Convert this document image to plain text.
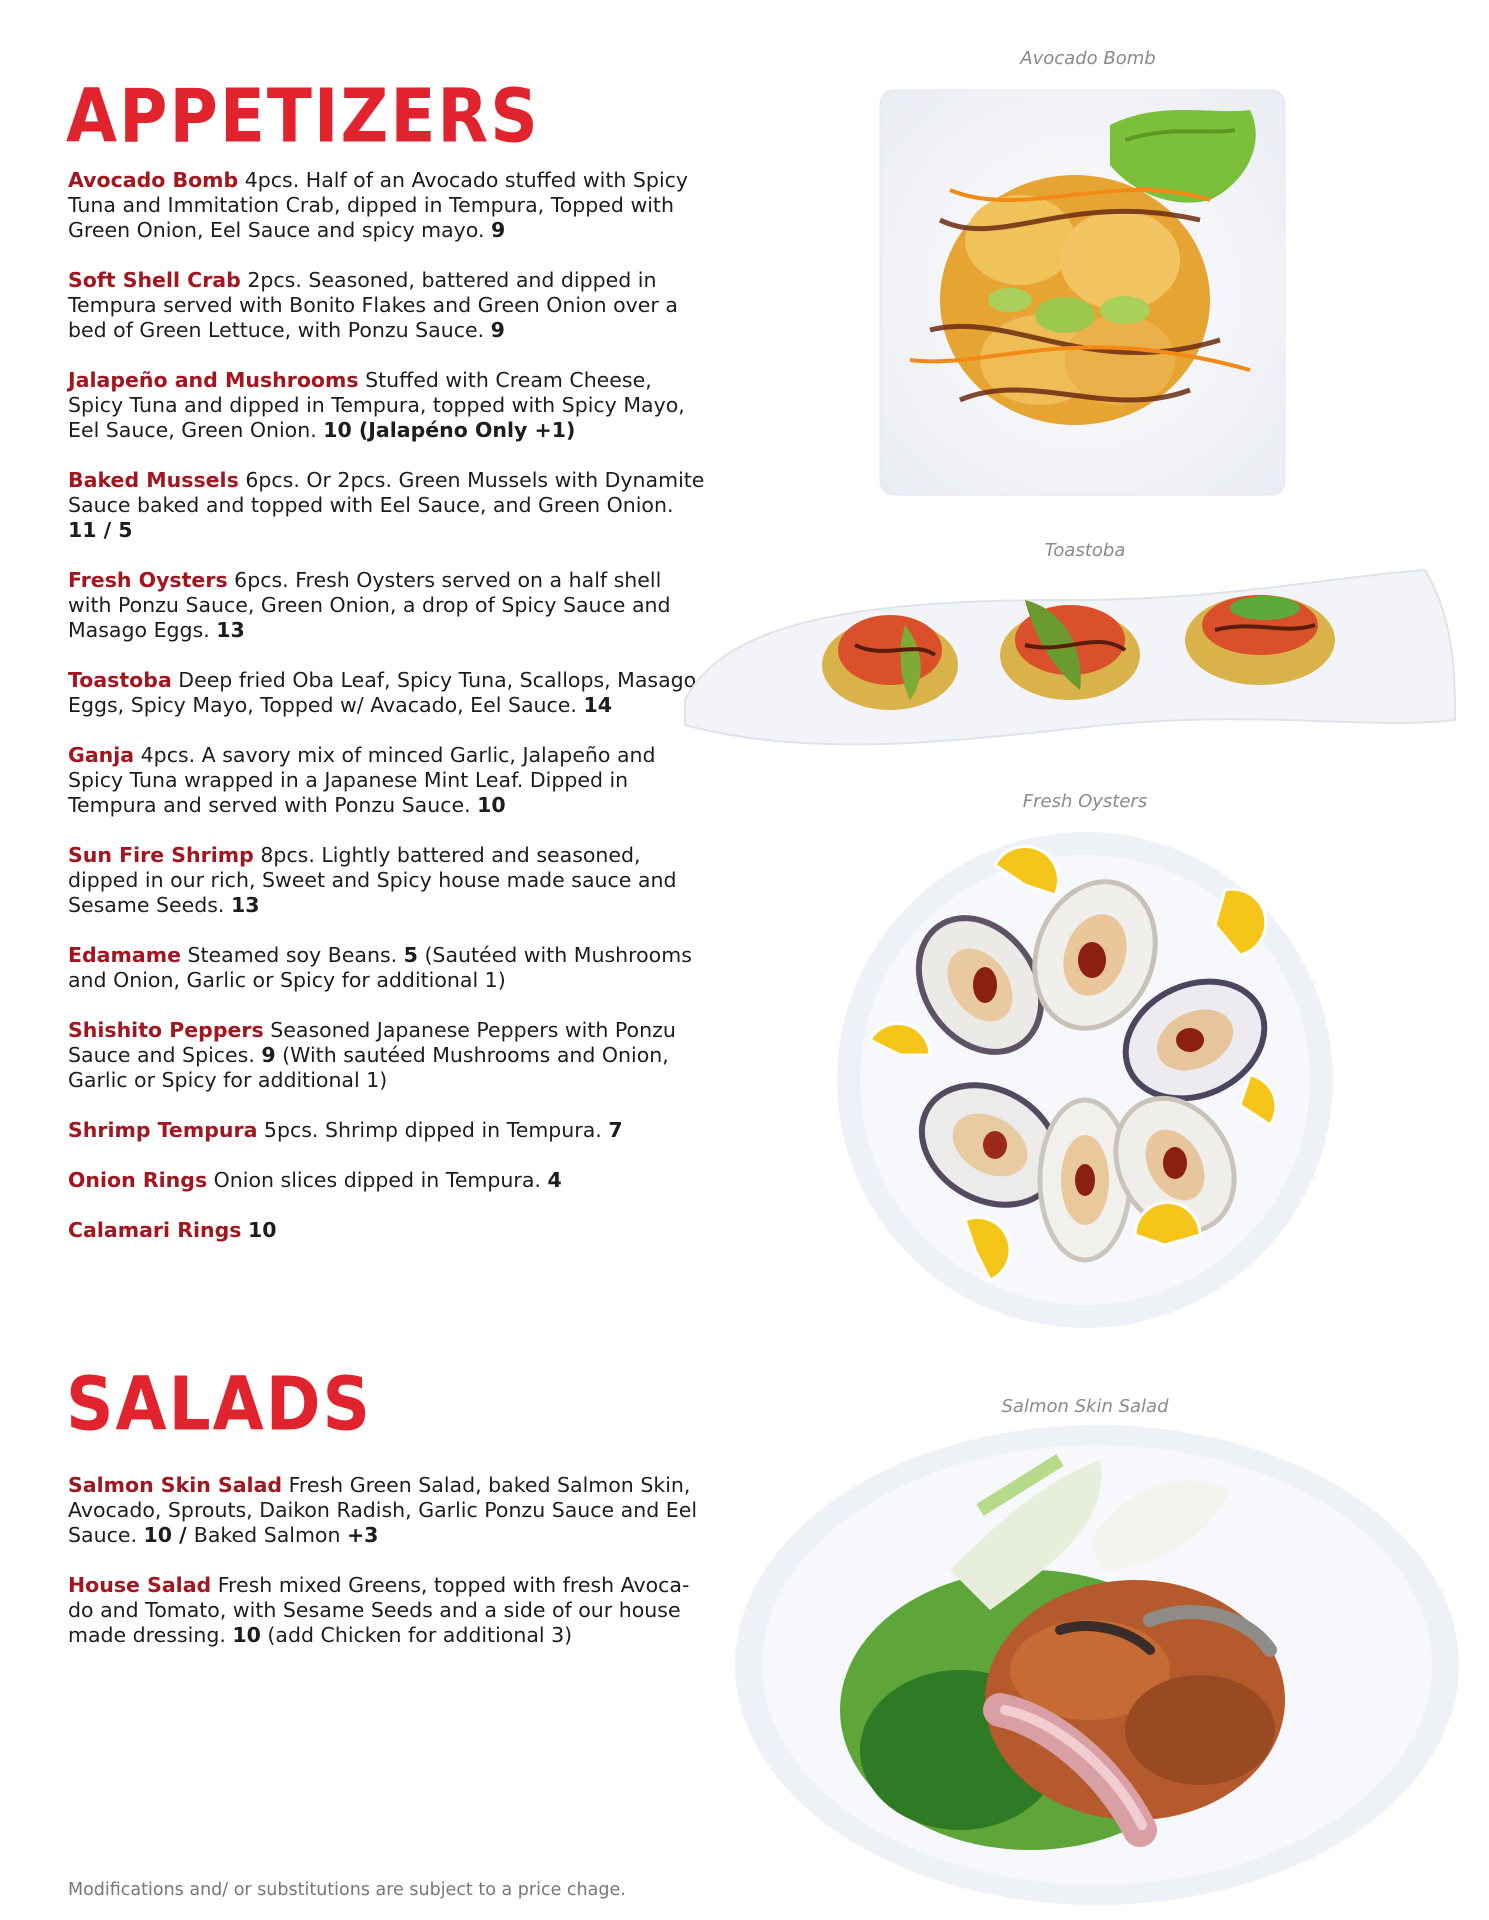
APPETIZERS

Avocado Bomb 4pcs. Half of an Avocado stuffed with Spicy Tuna and Immitation Crab, dipped in Tempura, Topped with Green Onion, Eel Sauce and spicy mayo. 9

Soft Shell Crab 2pcs. Seasoned, battered and dipped in Tempura served with Bonito Flakes and Green Onion over a bed of Green Lettuce, with Ponzu Sauce. 9

Jalapeño and Mushrooms Stuffed with Cream Cheese, Spicy Tuna and dipped in Tempura, topped with Spicy Mayo, Eel Sauce, Green Onion. 10 (Jalapéno Only +1)

Baked Mussels 6pcs. Or 2pcs. Green Mussels with Dynamite Sauce baked and topped with Eel Sauce, and Green Onion. 11 / 5

Fresh Oysters 6pcs. Fresh Oysters served on a half shell with Ponzu Sauce, Green Onion, a drop of Spicy Sauce and Masago Eggs. 13

Toastoba Deep fried Oba Leaf, Spicy Tuna, Scallops, Masago Eggs, Spicy Mayo, Topped w/ Avacado, Eel Sauce. 14

Ganja 4pcs. A savory mix of minced Garlic, Jalapeño and Spicy Tuna wrapped in a Japanese Mint Leaf. Dipped in Tempura and served with Ponzu Sauce. 10

Sun Fire Shrimp 8pcs. Lightly battered and seasoned, dipped in our rich, Sweet and Spicy house made sauce and Sesame Seeds. 13

Edamame Steamed soy Beans. 5 (Sautéed with Mushrooms and Onion, Garlic or Spicy for additional 1)

Shishito Peppers Seasoned Japanese Peppers with Ponzu Sauce and Spices. 9 (With sautéed Mushrooms and Onion, Garlic or Spicy for additional 1)

Shrimp Tempura 5pcs. Shrimp dipped in Tempura. 7

Onion Rings Onion slices dipped in Tempura. 4

Calamari Rings 10

SALADS

Salmon Skin Salad Fresh Green Salad, baked Salmon Skin, Avocado, Sprouts, Daikon Radish, Garlic Ponzu Sauce and Eel Sauce. 10 / Baked Salmon +3

House Salad Fresh mixed Greens, topped with fresh Avoca-do and Tomato, with Sesame Seeds and a side of our house made dressing. 10 (add Chicken for additional 3)

Modifications and/ or substitutions are subject to a price chage.
Avocado Bomb
Toastoba
Fresh Oysters
Salmon Skin Salad
